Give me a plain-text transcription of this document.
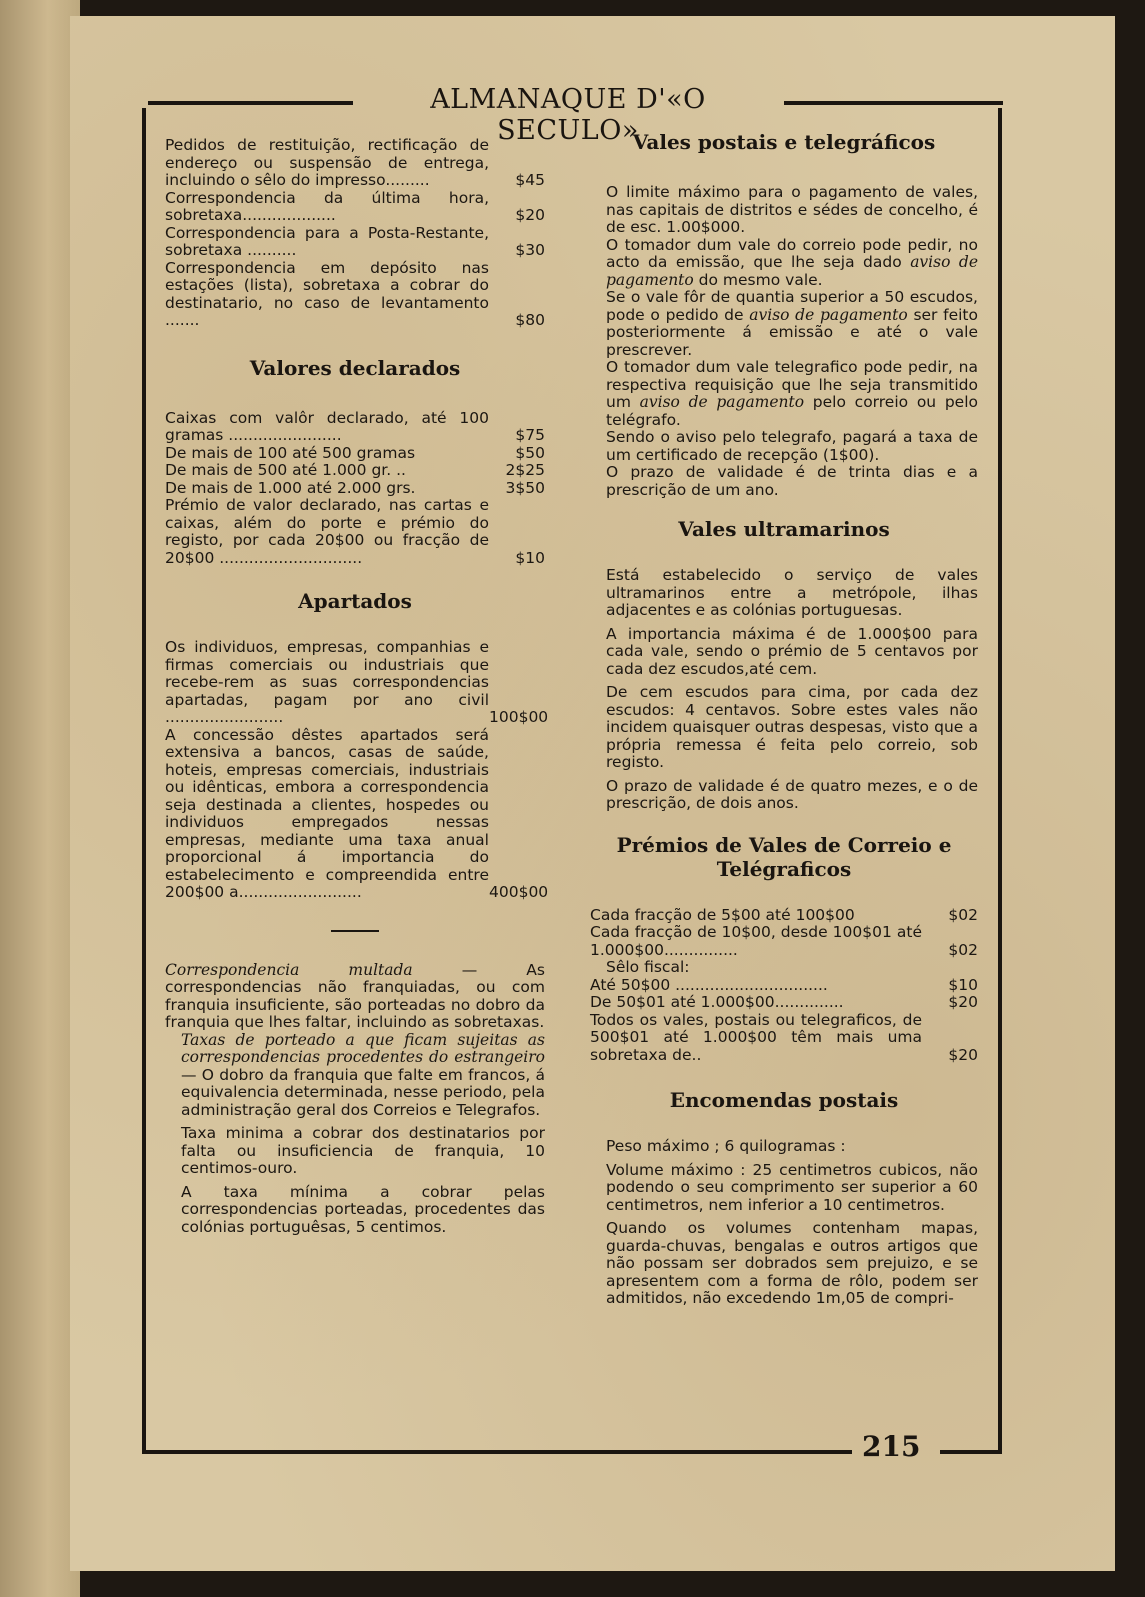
ALMANAQUE D'«O SECULO»
215
Pedidos de restituição, rectificação de endereço ou suspensão de entrega, incluindo o sêlo do impresso.........	$45
Correspondencia da última hora, sobretaxa...................	$20
Correspondencia para a Posta-Restante, sobretaxa ..........	$30
Correspondencia em depósito nas estações (lista), sobretaxa a cobrar do destinatario, no caso de levantamento .......	$80
Valores declarados
Caixas com valôr declarado, até 100 gramas .......................	$75
De mais de 100 até 500 gramas	$50
De mais de 500 até 1.000 gr. ..	2$25
De mais de 1.000 até 2.000 grs.	3$50
Prémio de valor declarado, nas cartas e caixas, além do porte e prémio do registo, por cada 20$00 ou fracção de 20$00 .............................	$10
Apartados
Os individuos, empresas, companhias e firmas comerciais ou industriais que recebe-rem as suas correspondencias apartadas, pagam por ano civil ........................	100$00
A concessão dêstes apartados será extensiva a bancos, casas de saúde, hoteis, empresas comerciais, industriais ou idênticas, embora a correspondencia seja destinada a clientes, hospedes ou individuos empregados nessas empresas, mediante uma taxa anual proporcional á importancia do estabelecimento e compreendida entre 200$00 a.........................	400$00

Correspondencia multada — As correspondencias não franquiadas, ou com franquia insuficiente, são porteadas no dobro da franquia que lhes faltar, incluindo as sobretaxas.

Taxas de porteado a que ficam sujeitas as correspondencias procedentes do estrangeiro — O dobro da franquia que falte em francos, á equivalencia determinada, nesse periodo, pela administração geral dos Correios e Telegrafos.

Taxa minima a cobrar dos destinatarios por falta ou insuficiencia de franquia, 10 centimos-ouro.

A taxa mínima a cobrar pelas correspondencias porteadas, procedentes das colónias portuguêsas, 5 centimos.

Vales postais e telegráficos

O limite máximo para o pagamento de vales, nas capitais de distritos e sédes de concelho, é de esc. 1.00$000.

O tomador dum vale do correio pode pedir, no acto da emissão, que lhe seja dado aviso de pagamento do mesmo vale.

Se o vale fôr de quantia superior a 50 escudos, pode o pedido de aviso de pagamento ser feito posteriormente á emissão e até o vale prescrever.

O tomador dum vale telegrafico pode pedir, na respectiva requisição que lhe seja transmitido um aviso de pagamento pelo correio ou pelo telégrafo.

Sendo o aviso pelo telegrafo, pagará a taxa de um certificado de recepção (1$00).

O prazo de validade é de trinta dias e a prescrição de um ano.

Vales ultramarinos

Está estabelecido o serviço de vales ultramarinos entre a metrópole, ilhas adjacentes e as colónias portuguesas.

A importancia máxima é de 1.000$00 para cada vale, sendo o prémio de 5 centavos por cada dez escudos,até cem.

De cem escudos para cima, por cada dez escudos: 4 centavos. Sobre estes vales não incidem quaisquer outras despesas, visto que a própria remessa é feita pelo correio, sob registo.

O prazo de validade é de quatro mezes, e o de prescrição, de dois anos.

Prémios de Vales de Correio e Telégraficos
Cada fracção de 5$00 até 100$00	$02
Cada fracção de 10$00, desde 100$01 até 1.000$00...............	$02
Sêlo fiscal:
Até 50$00 ...............................	$10
De 50$01 até 1.000$00..............	$20
Todos os vales, postais ou telegraficos, de 500$01 até 1.000$00 têm mais uma sobretaxa de..	$20
Encomendas postais

Peso máximo ; 6 quilogramas :

Volume máximo : 25 centimetros cubicos, não podendo o seu comprimento ser superior a 60 centimetros, nem inferior a 10 centimetros.

Quando os volumes contenham mapas, guarda-chuvas, bengalas e outros artigos que não possam ser dobrados sem prejuizo, e se apresentem com a forma de rôlo, podem ser admitidos, não excedendo 1m,05 de compri-
